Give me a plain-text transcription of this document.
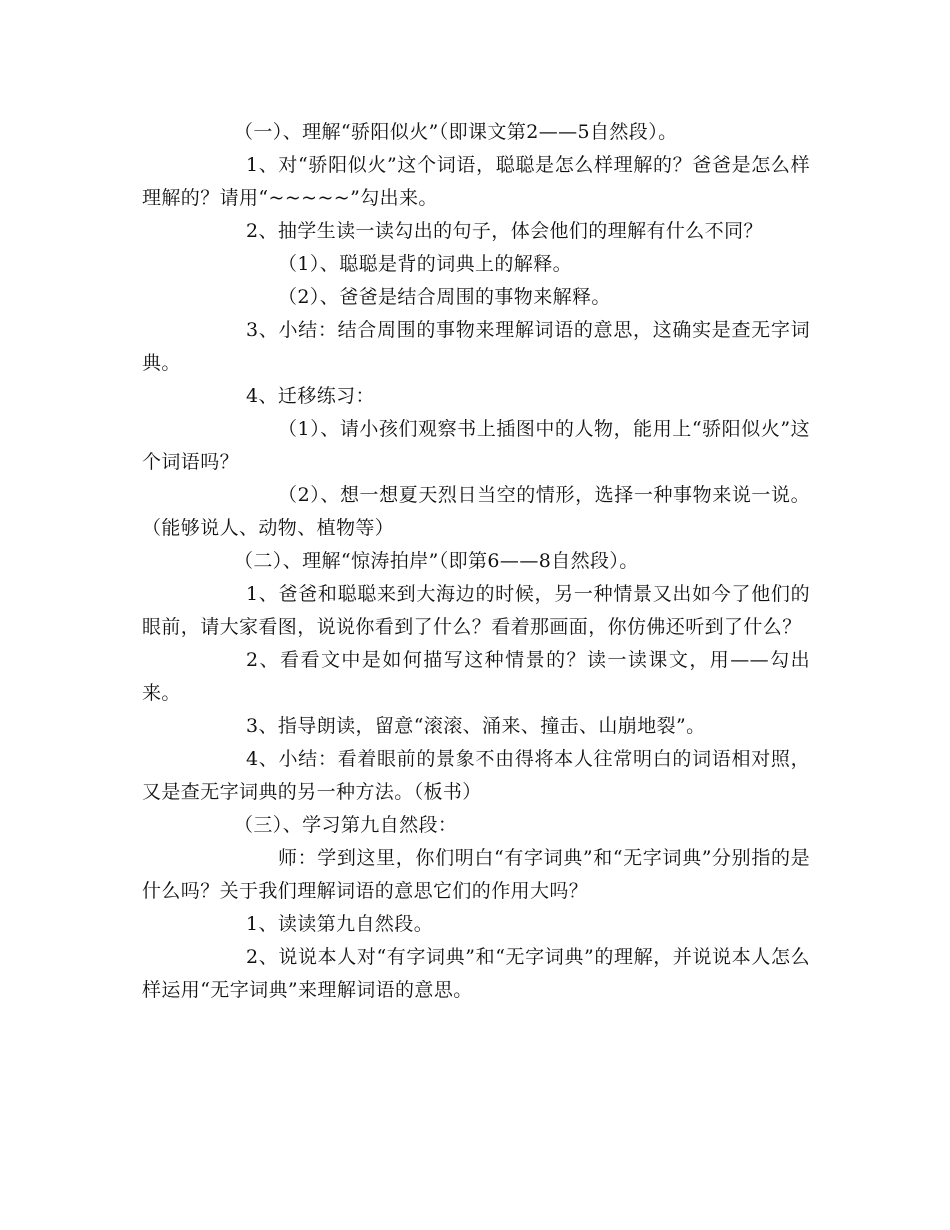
（一）、理解“骄阳似火”（即课文第2——5自然段）。

1、对“骄阳似火”这个词语，聪聪是怎么样理解的？爸爸是怎么样理解的？请用“~~~~~”勾出来。

2、抽学生读一读勾出的句子，体会他们的理解有什么不同？

（1）、聪聪是背的词典上的解释。

（2）、爸爸是结合周围的事物来解释。

3、小结：结合周围的事物来理解词语的意思，这确实是查无字词典。

4、迁移练习：

（1）、请小孩们观察书上插图中的人物，能用上“骄阳似火”这个词语吗？

（2）、想一想夏天烈日当空的情形，选择一种事物来说一说。（能够说人、动物、植物等）

（二）、理解“惊涛拍岸”（即第6——8自然段）。

1、爸爸和聪聪来到大海边的时候，另一种情景又出如今了他们的眼前，请大家看图，说说你看到了什么？看着那画面，你仿佛还听到了什么？

2、看看文中是如何描写这种情景的？读一读课文，用——勾出来。

3、指导朗读，留意“滚滚、涌来、撞击、山崩地裂”。

4、小结：看着眼前的景象不由得将本人往常明白的词语相对照，又是查无字词典的另一种方法。（板书）

（三）、学习第九自然段：

师：学到这里，你们明白“有字词典”和“无字词典”分别指的是什么吗？关于我们理解词语的意思它们的作用大吗？

1、读读第九自然段。

2、说说本人对“有字词典”和“无字词典”的理解，并说说本人怎么样运用“无字词典”来理解词语的意思。
